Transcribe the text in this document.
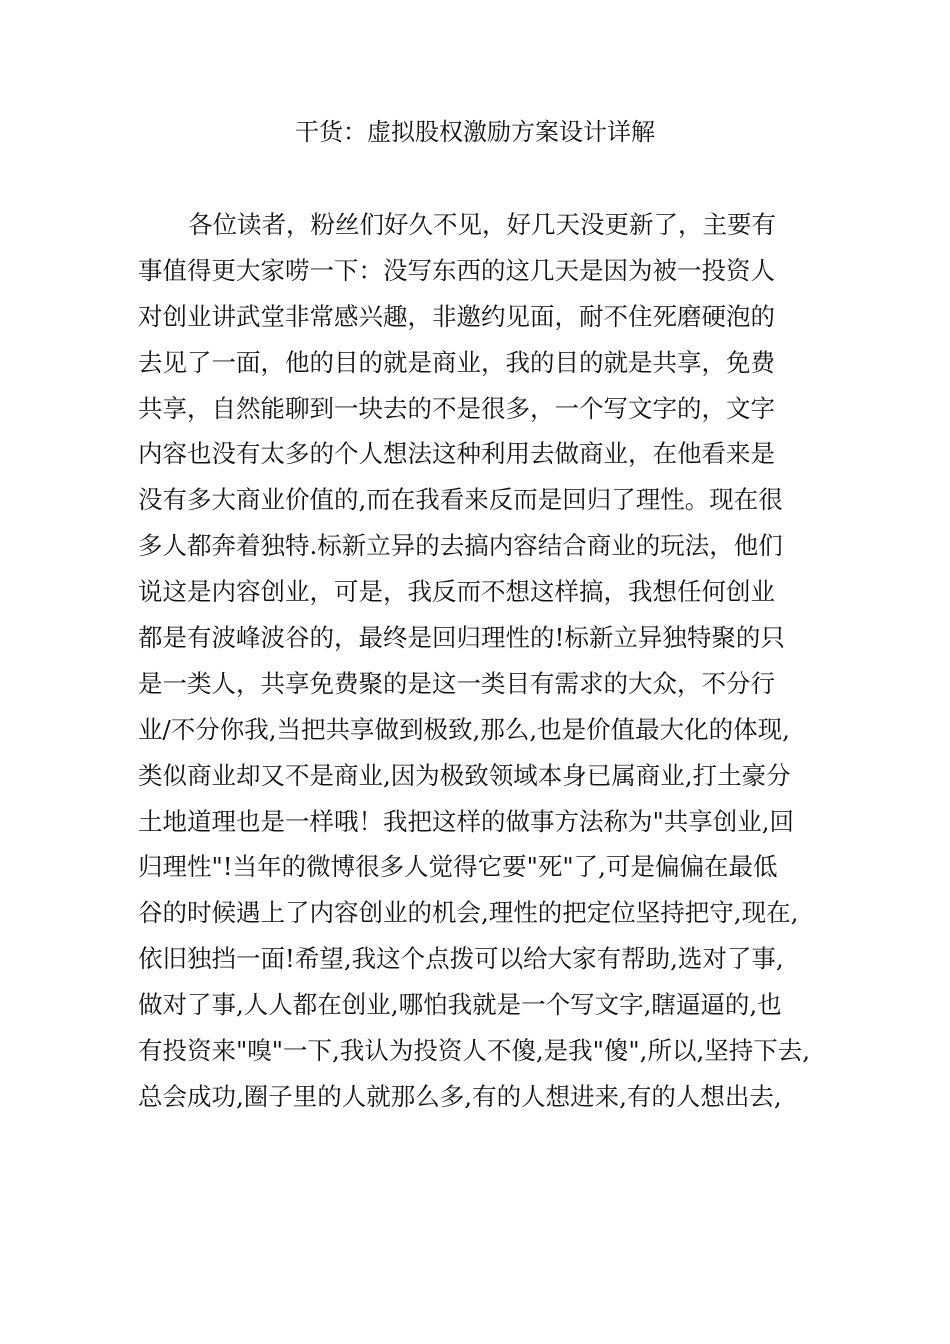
干货：虚拟股权激励方案设计详解
各位读者，粉丝们好久不见，好几天没更新了，主要有
事值得更大家唠一下：没写东西的这几天是因为被一投资人
对创业讲武堂非常感兴趣，非邀约见面，耐不住死磨硬泡的
去见了一面，他的目的就是商业，我的目的就是共享，免费
共享，自然能聊到一块去的不是很多，一个写文字的，文字
内容也没有太多的个人想法这种利用去做商业，在他看来是
没有多大商业价值的,而在我看来反而是回归了理性。现在很
多人都奔着独特.标新立异的去搞内容结合商业的玩法，他们
说这是内容创业，可是，我反而不想这样搞，我想任何创业
都是有波峰波谷的，最终是回归理性的!标新立异独特聚的只
是一类人，共享免费聚的是这一类目有需求的大众，不分行
业/不分你我,当把共享做到极致,那么,也是价值最大化的体现,
类似商业却又不是商业,因为极致领域本身已属商业,打土豪分
土地道理也是一样哦！我把这样的做事方法称为"共享创业,回
归理性"!当年的微博很多人觉得它要"死"了,可是偏偏在最低
谷的时候遇上了内容创业的机会,理性的把定位坚持把守,现在,
依旧独挡一面!希望,我这个点拨可以给大家有帮助,选对了事,
做对了事,人人都在创业,哪怕我就是一个写文字,瞎逼逼的,也
有投资来"嗅"一下,我认为投资人不傻,是我"傻",所以,坚持下去,
总会成功,圈子里的人就那么多,有的人想进来,有的人想出去,
